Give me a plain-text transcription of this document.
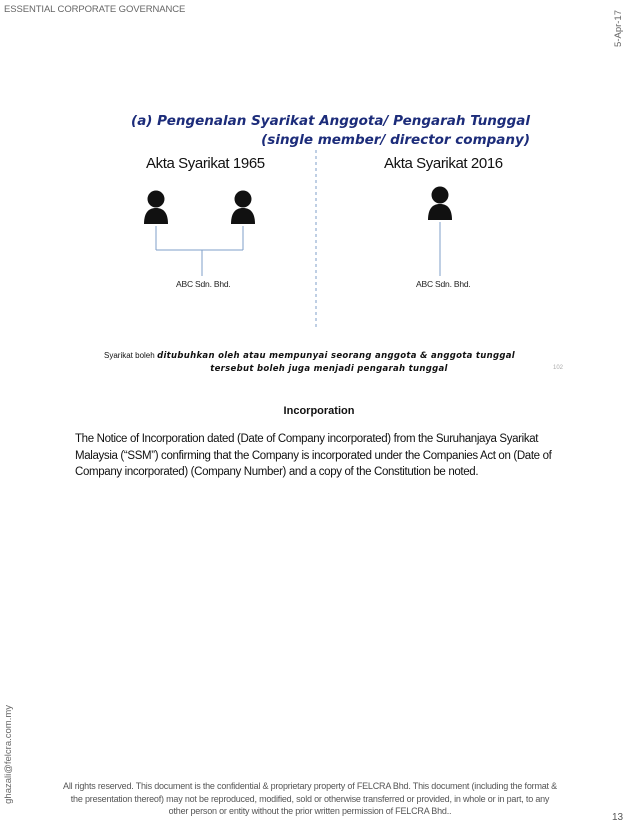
ESSENTIAL CORPORATE GOVERNANCE
5-Apr-17
ghazali@felcra.com.my
(a) Pengenalan Syarikat Anggota/ Pengarah Tunggal
(single member/ director company)
Akta Syarikat 1965	Akta Syarikat 2016
ABC Sdn. Bhd.	ABC Sdn. Bhd.
Syarikat boleh ditubuhkan oleh atau mempunyai seorang anggota & anggota tunggal
tersebut boleh juga menjadi pengarah tunggal	102
Incorporation
The Notice of Incorporation dated (Date of Company incorporated) from the Suruhanjaya Syarikat Malaysia (“SSM”) confirming that the Company is incorporated under the Companies Act on (Date of Company incorporated) (Company Number) and a copy of the Constitution be noted.
All rights reserved. This document is the confidential & proprietary property of FELCRA Bhd. This document (including the format & the presentation thereof) may not be reproduced, modified, sold or otherwise transferred or provided, in whole or in part, to any other person or entity without the prior written permission of FELCRA Bhd..
13
